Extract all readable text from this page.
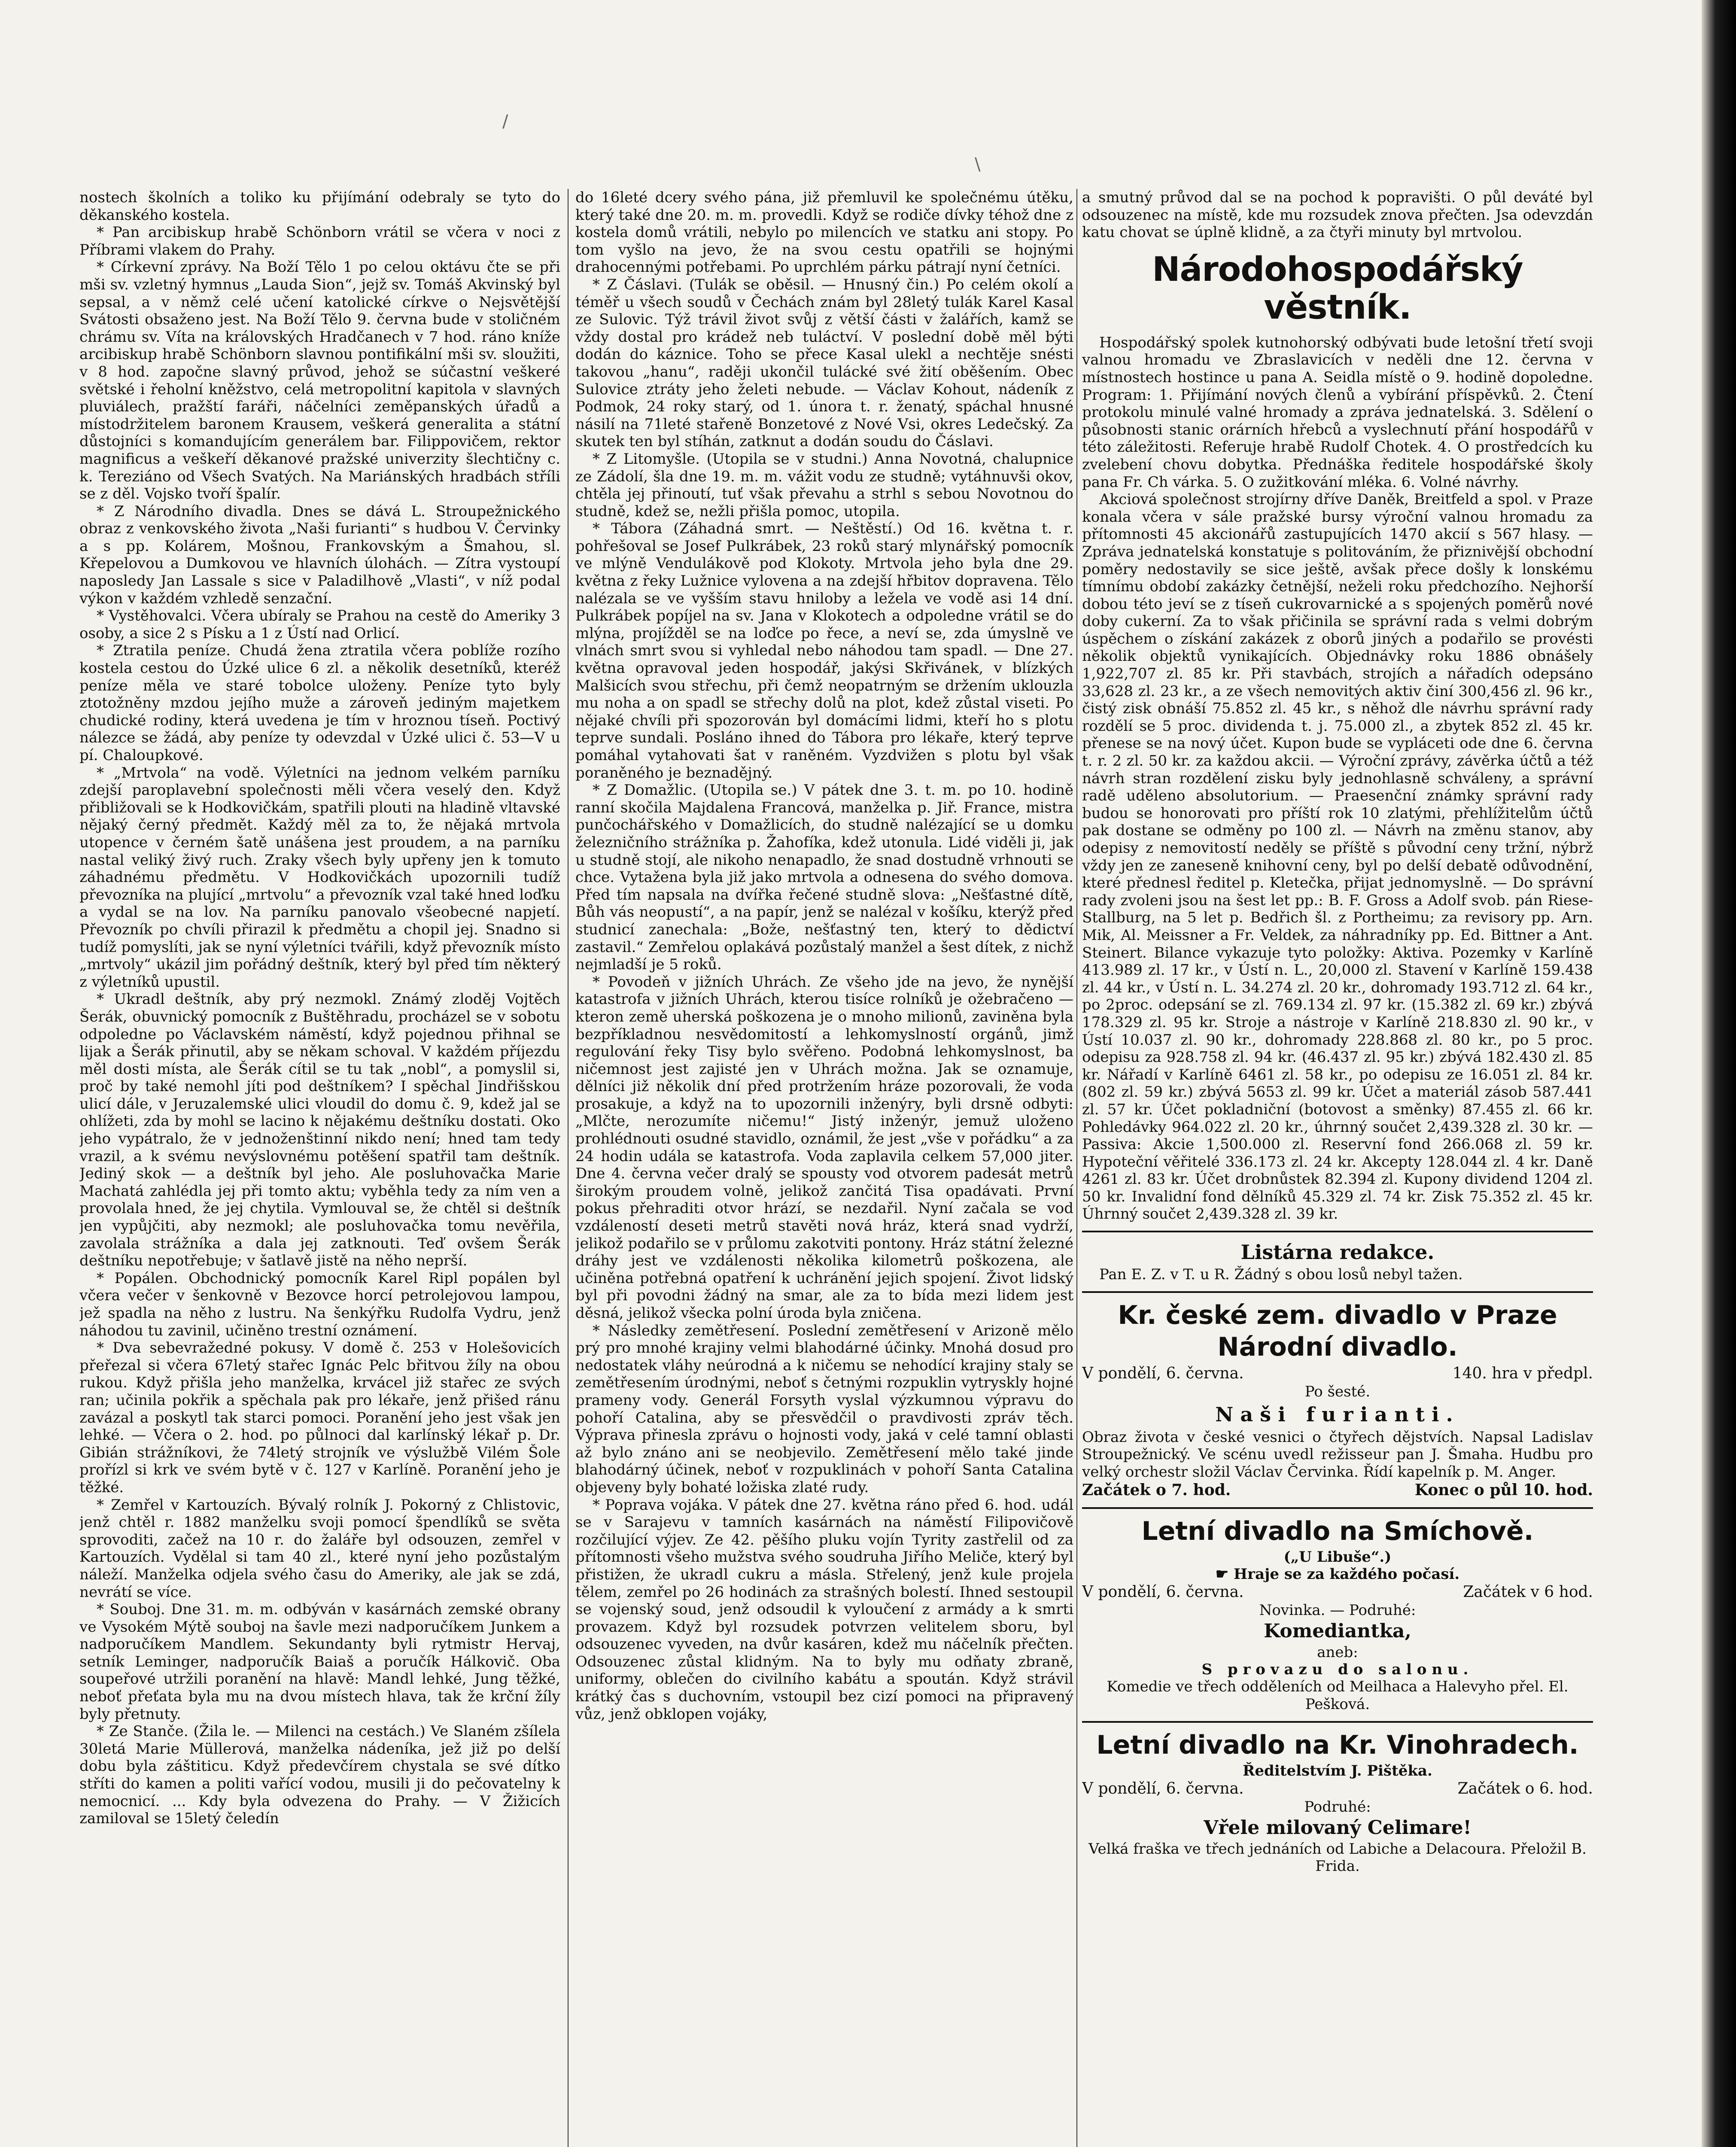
/
\

nostech školních a toliko ku přijímání odebraly se tyto do děkanského kostela.

* Pan arcibiskup hrabě Schönborn vrátil se včera v noci z Příbrami vlakem do Prahy.

* Církevní zprávy. Na Boží Tělo 1 po celou oktávu čte se při mši sv. vzletný hymnus „Lauda Sion“, jejž sv. Tomáš Akvinský byl sepsal, a v němž celé učení katolické církve o Nejsvětější Svátosti obsaženo jest. Na Boží Tělo 9. června bude v stoličném chrámu sv. Víta na královských Hradčanech v 7 hod. ráno kníže arcibiskup hrabě Schönborn slavnou pontifikální mši sv. sloužiti, v 8 hod. započne slavný průvod, jehož se súčastní veškeré světské i řeholní kněžstvo, celá metropolitní kapitola v slavných pluviálech, pražští faráři, náčelníci zeměpanských úřadů a místodržitelem baronem Krausem, veškerá generalita a státní důstojníci s komandujícím generálem bar. Filippovičem, rektor magnificus a veškeří děkanové pražské univerzity šlechtičny c. k. Tereziáno od Všech Svatých. Na Mariánských hradbách stříli se z děl. Vojsko tvoří špalír.

* Z Národního divadla. Dnes se dává L. Stroupežnického obraz z venkovského života „Naši furianti“ s hudbou V. Červinky a s pp. Kolárem, Mošnou, Frankovským a Šmahou, sl. Křepelovou a Dumkovou ve hlavních úlohách. — Zítra vystoupí naposledy Jan Lassale s sice v Paladilhově „Vlasti“, v níž podal výkon v každém vzhledě senzační.

* Vystěhovalci. Včera ubíraly se Prahou na cestě do Ameriky 3 osoby, a sice 2 s Písku a 1 z Ústí nad Orlicí.

* Ztratila peníze. Chudá žena ztratila včera poblíže rozího kostela cestou do Úzké ulice 6 zl. a několik desetníků, kteréž peníze měla ve staré tobolce uloženy. Peníze tyto byly ztotožněny mzdou jejího muže a zároveň jediným majetkem chudické rodiny, která uvedena je tím v hroznou tíseň. Poctivý nálezce se žádá, aby peníze ty odevzdal v Úzké ulici č. 53—V u pí. Chaloupkové.

* „Mrtvola“ na vodě. Výletníci na jednom velkém parníku zdejší paroplavební společnosti měli včera veselý den. Když přibližovali se k Hodkovičkám, spatřili plouti na hladině vltavské nějaký černý předmět. Každý měl za to, že nějaká mrtvola utopence v černém šatě unášena jest proudem, a na parníku nastal veliký živý ruch. Zraky všech byly upřeny jen k tomuto záhadnému předmětu. V Hodkovičkách upozornili tudíž převozníka na plující „mrtvolu“ a převozník vzal také hned loďku a vydal se na lov. Na parníku panovalo všeobecné napjetí. Převozník po chvíli přirazil k předmětu a chopil jej. Snadno si tudíž pomyslíti, jak se nyní výletníci tvářili, když převozník místo „mrtvoly“ ukázil jim pořádný deštník, který byl před tím některý z výletníků upustil.

* Ukradl deštník, aby prý nezmokl. Známý zloděj Vojtěch Šerák, obuvnický pomocník z Buštěhradu, procházel se v sobotu odpoledne po Václavském náměstí, když pojednou přihnal se lijak a Šerák přinutil, aby se někam schoval. V každém příjezdu měl dosti místa, ale Šerák cítil se tu tak „nobl“, a pomyslil si, proč by také nemohl jíti pod deštníkem? I spěchal Jindřišskou ulicí dále, v Jeruzalemské ulici vloudil do domu č. 9, kdež jal se ohlížeti, zda by mohl se lacino k nějakému deštníku dostati. Oko jeho vypátralo, že v jednoženštinní nikdo není; hned tam tedy vrazil, a k svému nevýslovnému potěšení spatřil tam deštník. Jediný skok — a deštník byl jeho. Ale posluhovačka Marie Machatá zahlédla jej při tomto aktu; vyběhla tedy za ním ven a provolala hned, že jej chytila. Vymlouval se, že chtěl si deštník jen vypůjčiti, aby nezmokl; ale posluhovačka tomu nevěřila, zavolala strážníka a dala jej zatknouti. Teď ovšem Šerák deštníku nepotřebuje; v šatlavě jistě na něho neprší.

* Popálen. Obchodnický pomocník Karel Ripl popálen byl včera večer v šenkovně v Bezovce horcí petrolejovou lampou, jež spadla na něho z lustru. Na šenkýřku Rudolfa Vydru, jenž náhodou tu zavinil, učiněno trestní oznámení.

* Dva sebevražedné pokusy. V domě č. 253 v Holešovicích přeřezal si včera 67letý stařec Ignác Pelc břitvou žíly na obou rukou. Když přišla jeho manželka, krvácel již stařec ze svých ran; učinila pokřik a spěchala pak pro lékaře, jenž přišed ránu zavázal a poskytl tak starci pomoci. Poranění jeho jest však jen lehké. — Včera o 2. hod. po půlnoci dal karlínský lékař p. Dr. Gibián strážníkovi, že 74letý strojník ve výslužbě Vilém Šole prořízl si krk ve svém bytě v č. 127 v Karlíně. Poranění jeho je těžké.

* Zemřel v Kartouzích. Bývalý rolník J. Pokorný z Chlistovic, jenž chtěl r. 1882 manželku svoji pomocí špendlíků se světa sprovoditi, začež na 10 r. do žaláře byl odsouzen, zemřel v Kartouzích. Vydělal si tam 40 zl., které nyní jeho pozůstalým náleží. Manželka odjela svého času do Ameriky, ale jak se zdá, nevrátí se více.

* Souboj. Dne 31. m. m. odbýván v kasárnách zemské obrany ve Vysokém Mýtě souboj na šavle mezi nadporučíkem Junkem a nadporučíkem Mandlem. Sekundanty byli rytmistr Hervaj, setník Leminger, nadporučík Baiaš a poručík Hálkovič. Oba soupeřové utržili poranění na hlavě: Mandl lehké, Jung těžké, neboť přeťata byla mu na dvou místech hlava, tak že krční žíly byly přetnuty.

* Ze Stanče. (Žila le. — Milenci na cestách.) Ve Slaném zšílela 30letá Marie Müllerová, manželka nádeníka, jež již po delší dobu byla záštiticu. Když předevčírem chystala se své dítko stříti do kamen a politi vařící vodou, musili ji do pečovatelny k nemocnicí. ... Kdy byla odvezena do Prahy. — V Žižicích zamiloval se 15letý čeledín

do 16leté dcery svého pána, již přemluvil ke společnému útěku, který také dne 20. m. m. provedli. Když se rodiče dívky téhož dne z kostela domů vrátili, nebylo po milencích ve statku ani stopy. Po tom vyšlo na jevo, že na svou cestu opatřili se hojnými drahocennými potřebami. Po uprchlém párku pátrají nyní četníci.

* Z Čáslavi. (Tulák se oběsil. — Hnusný čin.) Po celém okolí a téměř u všech soudů v Čechách znám byl 28letý tulák Karel Kasal ze Sulovic. Týž trávil život svůj z větší části v žalářích, kamž se vždy dostal pro krádež neb tuláctví. V poslední době měl býti dodán do káznice. Toho se přece Kasal ulekl a nechtěje snésti takovou „hanu“, raději ukončil tulácké své žití oběšením. Obec Sulovice ztráty jeho želeti nebude. — Václav Kohout, nádeník z Podmok, 24 roky starý, od 1. února t. r. ženatý, spáchal hnusné násilí na 71leté stařeně Bonzetové z Nové Vsi, okres Ledečský. Za skutek ten byl stíhán, zatknut a dodán soudu do Čáslavi.

* Z Litomyšle. (Utopila se v studni.) Anna Novotná, chalupnice ze Zádolí, šla dne 19. m. m. vážit vodu ze studně; vytáhnuvši okov, chtěla jej přinoutí, tuť však převahu a strhl s sebou Novotnou do studně, kdež se, nežli přišla pomoc, utopila.

* Tábora (Záhadná smrt. — Neštěstí.) Od 16. května t. r. pohřešoval se Josef Pulkrábek, 23 roků starý mlynářský pomocník ve mlýně Vendulákově pod Klokoty. Mrtvola jeho byla dne 29. května z řeky Lužnice vylovena a na zdejší hřbitov dopravena. Tělo nalézala se ve vyšším stavu hniloby a ležela ve vodě asi 14 dní. Pulkrábek popíjel na sv. Jana v Klokotech a odpoledne vrátil se do mlýna, projížděl se na loďce po řece, a neví se, zda úmyslně ve vlnách smrt svou si vyhledal nebo náhodou tam spadl. — Dne 27. května opravoval jeden hospodář, jakýsi Skřivánek, v blízkých Malšicích svou střechu, při čemž neopatrným se držením uklouzla mu noha a on spadl se střechy dolů na plot, kdež zůstal viseti. Po nějaké chvíli při spozorován byl domácími lidmi, kteří ho s plotu teprve sundali. Posláno ihned do Tábora pro lékaře, který teprve pomáhal vytahovati šat v raněném. Vyzdvižen s plotu byl však poraněného je beznadějný.

* Z Domažlic. (Utopila se.) V pátek dne 3. t. m. po 10. hodině ranní skočila Majdalena Francová, manželka p. Jiř. France, mistra punčochářského v Domažlicích, do studně nalézající se u domku železničního strážníka p. Žahofíka, kdež utonula. Lidé viděli ji, jak u studně stojí, ale nikoho nenapadlo, že snad dostudně vrhnouti se chce. Vytažena byla již jako mrtvola a odnesena do svého domova. Před tím napsala na dvířka řečené studně slova: „Nešťastné dítě, Bůh vás neopustí“, a na papír, jenž se nalézal v košíku, kterýž před studnicí zanechala: „Bože, nešťastný ten, který to dědictví zastavil.“ Zemřelou oplakává pozůstalý manžel a šest dítek, z nichž nejmladší je 5 roků.

* Povodeň v jižních Uhrách. Ze všeho jde na jevo, že nynější katastrofa v jižních Uhrách, kterou tisíce rolníků je ožebračeno — kteron země uherská poškozena je o mnoho milionů, zaviněna byla bezpříkladnou nesvědomitostí a lehkomyslností orgánů, jimž regulování řeky Tisy bylo svěřeno. Podobná lehkomyslnost, ba ničemnost jest zajisté jen v Uhrách možna. Jak se oznamuje, dělníci již několik dní před protržením hráze pozorovali, že voda prosakuje, a když na to upozornili inženýry, byli drsně odbyti: „Mlčte, nerozumíte ničemu!“ Jistý inženýr, jemuž uloženo prohlédnouti osudné stavidlo, oznámil, že jest „vše v pořádku“ a za 24 hodin udála se katastrofa. Voda zaplavila celkem 57,000 jiter. Dne 4. června večer dralý se spousty vod otvorem padesát metrů širokým proudem volně, jelikož zančitá Tisa opadávati. První pokus přehraditi otvor hrází, se nezdařil. Nyní začala se vod vzdáleností deseti metrů stavěti nová hráz, která snad vydrží, jelikož podařilo se v průlomu zakotviti pontony. Hráz státní železné dráhy jest ve vzdálenosti několika kilometrů poškozena, ale učiněna potřebná opatření k uchránění jejich spojení. Život lidský byl při povodni žádný na smar, ale za to bída mezi lidem jest děsná, jelikož všecka polní úroda byla zničena.

* Následky zemětřesení. Poslední zemětřesení v Arizoně mělo prý pro mnohé krajiny velmi blahodárné účinky. Mnohá dosud pro nedostatek vláhy neúrodná a k ničemu se nehodící krajiny staly se zemětřesením úrodnými, neboť s četnými rozpuklin vytryskly hojné prameny vody. Generál Forsyth vyslal výzkumnou výpravu do pohoří Catalina, aby se přesvědčil o pravdivosti zpráv těch. Výprava přinesla zprávu o hojnosti vody, jaká v celé tamní oblasti až bylo znáno ani se neobjevilo. Zemětřesení mělo také jinde blahodárný účinek, neboť v rozpuklinách v pohoří Santa Catalina objeveny byly bohaté ložiska zlaté rudy.

* Poprava vojáka. V pátek dne 27. května ráno před 6. hod. udál se v Sarajevu v tamních kasárnách na náměstí Filipovičově rozčilující výjev. Ze 42. pěšího pluku vojín Tyrity zastřelil od za přítomnosti všeho mužstva svého soudruha Jiřího Meliče, který byl přistižen, že ukradl cukru a másla. Střelený, jenž kule projela tělem, zemřel po 26 hodinách za strašných bolestí. Ihned sestoupil se vojenský soud, jenž odsoudil k vyloučení z armády a k smrti provazem. Když byl rozsudek potvrzen velitelem sboru, byl odsouzenec vyveden, na dvůr kasáren, kdež mu náčelník přečten. Odsouzenec zůstal klidným. Na to byly mu odňaty zbraně, uniformy, oblečen do civilního kabátu a spoután. Když strávil krátký čas s duchovním, vstoupil bez cizí pomoci na připravený vůz, jenž obklopen vojáky,

a smutný průvod dal se na pochod k popravišti. O půl deváté byl odsouzenec na místě, kde mu rozsudek znova přečten. Jsa odevzdán katu chovat se úplně klidně, a za čtyři minuty byl mrtvolou.

Národohospodářský věstník.

Hospodářský spolek kutnohorský odbývati bude letošní třetí svoji valnou hromadu ve Zbraslavicích v neděli dne 12. června v místnostech hostince u pana A. Seidla místě o 9. hodině dopoledne. Program: 1. Přijímání nových členů a vybírání příspěvků. 2. Čtení protokolu minulé valné hromady a zpráva jednatelská. 3. Sdělení o působnosti stanic orárních hřebců a vyslechnutí přání hospodářů v této záležitosti. Referuje hrabě Rudolf Chotek. 4. O prostředcích ku zvelebení chovu dobytka. Přednáška ředitele hospodářské školy pana Fr. Ch várka. 5. O zužitkování mléka. 6. Volné návrhy.

Akciová společnost strojírny dříve Daněk, Breitfeld a spol. v Praze konala včera v sále pražské bursy výroční valnou hromadu za přítomnosti 45 akcionářů zastupujících 1470 akcií s 567 hlasy. — Zpráva jednatelská konstatuje s politováním, že přiznivější obchodní poměry nedostavily se sice ještě, avšak přece došly k lonskému tímnímu období zakázky četnější, neželi roku předchozího. Nejhorší dobou této jeví se z tíseň cukrovarnické a s spojených poměrů nové doby cukerní. Za to však přičinila se správní rada s velmi dobrým úspěchem o získání zakázek z oborů jiných a podařilo se provésti několik objektů vynikajících. Objednávky roku 1886 obnášely 1,922,707 zl. 85 kr. Při stavbách, strojích a nářadích odepsáno 33,628 zl. 23 kr., a ze všech nemovitých aktiv činí 300,456 zl. 96 kr., čistý zisk obnáší 75.852 zl. 45 kr., s něhož dle návrhu správní rady rozdělí se 5 proc. dividenda t. j. 75.000 zl., a zbytek 852 zl. 45 kr. přenese se na nový účet. Kupon bude se vypláceti ode dne 6. června t. r. 2 zl. 50 kr. za každou akcii. — Výroční zprávy, závěrka účtů a též návrh stran rozdělení zisku byly jednohlasně schváleny, a správní radě uděleno absolutorium. — Praesenční známky správní rady budou se honorovati pro příští rok 10 zlatými, přehlížitelům účtů pak dostane se odměny po 100 zl. — Návrh na změnu stanov, aby odepisy z nemovitostí neděly se příště s původní ceny tržní, nýbrž vždy jen ze zaneseně knihovní ceny, byl po delší debatě odůvodnění, které přednesl ředitel p. Kletečka, přijat jednomyslně. — Do správní rady zvoleni jsou na šest let pp.: B. F. Gross a Adolf svob. pán Riese-Stallburg, na 5 let p. Bedřich šl. z Portheimu; za revisory pp. Arn. Mik, Al. Meissner a Fr. Veldek, za náhradníky pp. Ed. Bittner a Ant. Steinert. Bilance vykazuje tyto položky: Aktiva. Pozemky v Karlíně 413.989 zl. 17 kr., v Ústí n. L., 20,000 zl. Stavení v Karlíně 159.438 zl. 44 kr., v Ústí n. L. 34.274 zl. 20 kr., dohromady 193.712 zl. 64 kr., po 2proc. odepsání se zl. 769.134 zl. 97 kr. (15.382 zl. 69 kr.) zbývá 178.329 zl. 95 kr. Stroje a nástroje v Karlíně 218.830 zl. 90 kr., v Ústí 10.037 zl. 90 kr., dohromady 228.868 zl. 80 kr., po 5 proc. odepisu za 928.758 zl. 94 kr. (46.437 zl. 95 kr.) zbývá 182.430 zl. 85 kr. Nářadí v Karlíně 6461 zl. 58 kr., po odepisu ze 16.051 zl. 84 kr. (802 zl. 59 kr.) zbývá 5653 zl. 99 kr. Účet a materiál zásob 587.441 zl. 57 kr. Účet pokladniční (botovost a směnky) 87.455 zl. 66 kr. Pohledávky 964.022 zl. 20 kr., úhrnný součet 2,439.328 zl. 30 kr. — Passiva: Akcie 1,500.000 zl. Reservní fond 266.068 zl. 59 kr. Hypoteční věřitelé 336.173 zl. 24 kr. Akcepty 128.044 zl. 4 kr. Daně 4261 zl. 83 kr. Účet drobnůstek 82.394 zl. Kupony dividend 1204 zl. 50 kr. Invalidní fond dělníků 45.329 zl. 74 kr. Zisk 75.352 zl. 45 kr. Úhrnný součet 2,439.328 zl. 39 kr.

Listárna redakce.

Pan E. Z. v T. u R. Žádný s obou losů nebyl tažen.

Kr. české zem. divadlo v Praze
Národní divadlo.
V pondělí, 6. června.	140. hra v předpl.
Po šesté.
Naši furianti.

Obraz života v české vesnici o čtyřech dějstvích. Napsal Ladislav Stroupežnický. Ve scénu uvedl režisseur pan J. Šmaha. Hudbu pro velký orchestr složil Václav Červinka. Řídí kapelník p. M. Anger.

Začátek o 7. hod.	Konec o půl 10. hod.
Letní divadlo na Smíchově.
(„U Libuše“.)
☛ Hraje se za každého počasí.
V pondělí, 6. června.	Začátek v 6 hod.
Novinka. — Podruhé:
Komediantka,
aneb:
S provazu do salonu.

Komedie ve třech odděleních od Meilhaca a Halevyho přel. El. Pešková.

Letní divadlo na Kr. Vinohradech.
Ředitelstvím J. Pištěka.
V pondělí, 6. června.	Začátek o 6. hod.
Podruhé:
Vřele milovaný Celimare!

Velká fraška ve třech jednáních od Labiche a Delacoura. Přeložil B. Frida.
